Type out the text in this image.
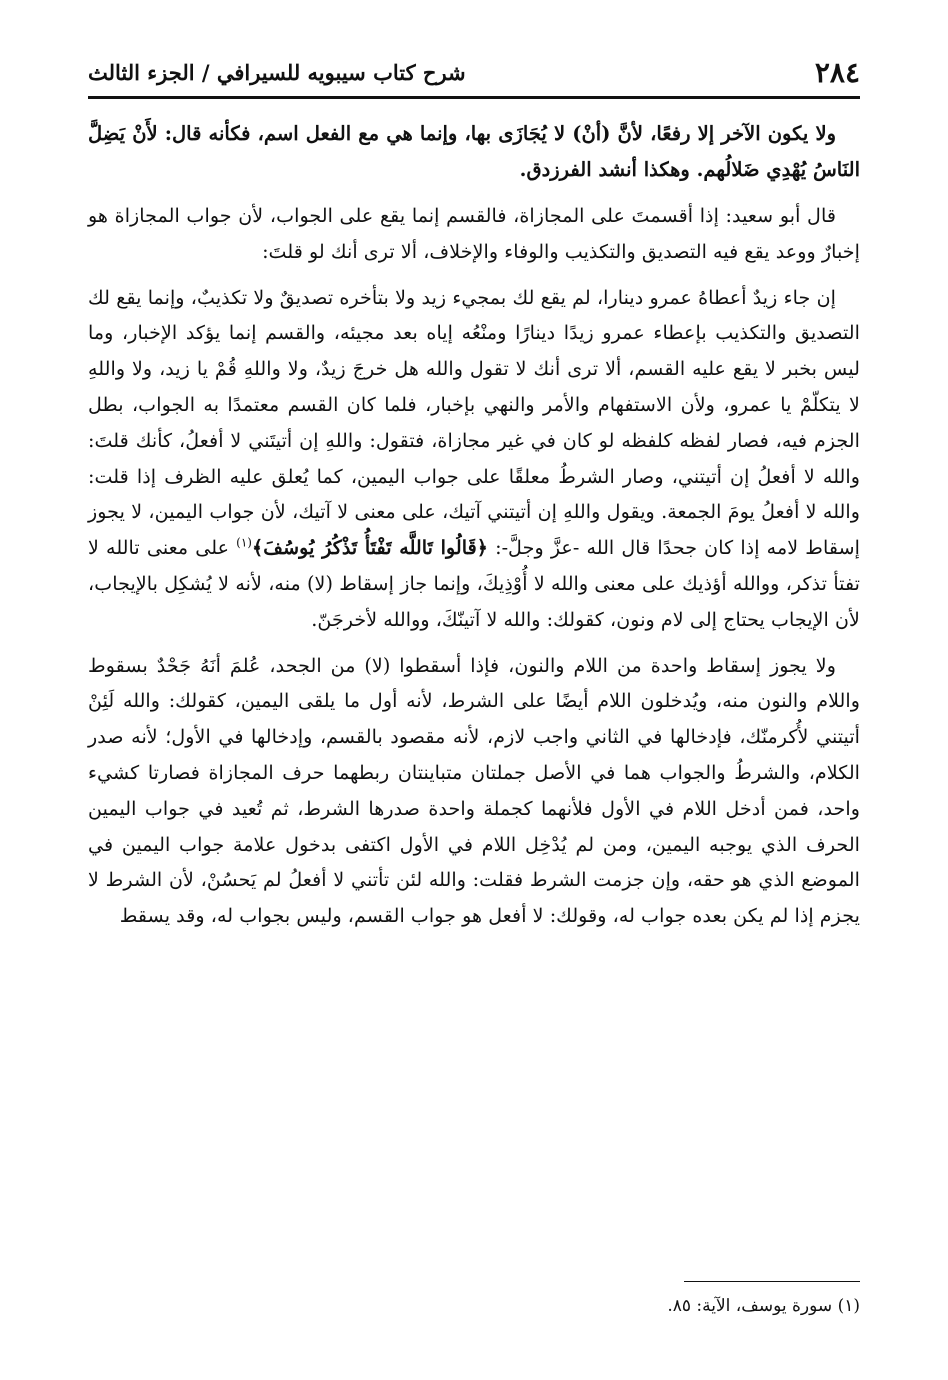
٢٨٤
شرح كتاب سيبويه للسيرافي / الجزء الثالث

ولا يكون الآخر إلا رفعًا، لأنَّ (أنْ) لا يُجَازَى بها، وإنما هي مع الفعل اسم، فكأنه قال: لأَنْ يَضِلَّ النَاسُ يُهْدِي ضَلالُهم. وهكذا أنشد الفرزدق.

قال أبو سعيد: إذا أقسمتَ على المجازاة، فالقسم إنما يقع على الجواب، لأن جواب المجازاة هو إخبارٌ ووعد يقع فيه التصديق والتكذيب والوفاء والإخلاف، ألا ترى أنك لو قلتَ:

إن جاء زيدٌ أعطاهُ عمرو دينارا، لم يقع لك بمجيء زيد ولا بتأخره تصديقٌ ولا تكذيبٌ، وإنما يقع لك التصديق والتكذيب بإعطاء عمرو زيدًا دينارًا ومنْعُه إياه بعد مجيئه، والقسم إنما يؤكد الإخبار، وما ليس بخبر لا يقع عليه القسم، ألا ترى أنك لا تقول والله هل خرجَ زيدٌ، ولا واللهِ قُمْ يا زيد، ولا واللهِ لا يتكلّمْ يا عمرو، ولأن الاستفهام والأمر والنهي بإخبار، فلما كان القسم معتمدًا به الجواب، بطل الجزم فيه، فصار لفظه كلفظه لو كان في غير مجازاة، فتقول: واللهِ إن أتيتَني لا أفعلُ، كأنك قلتَ: والله لا أفعلُ إن أتيتني، وصار الشرطُ معلقًا على جواب اليمين، كما يُعلق عليه الظرف إذا قلت: والله لا أفعلُ يومَ الجمعة. ويقول واللهِ إن أتيتني آتيك، على معنى لا آتيك، لأن جواب اليمين، لا يجوز إسقاط لامه إذا كان جحدًا قال الله -عزَّ وجلَّ-: ﴿قَالُوا تَاللَّه تَفْتَأُ تَذْكُرُ يُوسُفَ﴾$^{(١)}$ على معنى تالله لا تفتأ تذكر، ووالله أؤذيك على معنى والله لا أُوْذِيكَ، وإنما جاز إسقاط (لا) منه، لأنه لا يُشكِل بالإيجاب، لأن الإيجاب يحتاج إلى لام ونون، كقولك: والله لا آتينّكَ، ووالله لأخرجَنّ.

ولا يجوز إسقاط واحدة من اللام والنون، فإذا أسقطوا (لا) من الجحد، عُلمَ أنَهُ جَحْدٌ بسقوط واللام والنون منه، ويُدخلون اللام أيضًا على الشرط، لأنه أول ما يلقى اليمين، كقولك: والله لَئِنْ أتيتني لأُكرمنّك، فإدخالها في الثاني واجب لازم، لأنه مقصود بالقسم، وإدخالها في الأول؛ لأنه صدر الكلام، والشرطُ والجواب هما في الأصل جملتان متباينتان ربطهما حرف المجازاة فصارتا كشيء واحد، فمن أدخل اللام في الأول فلأنهما كجملة واحدة صدرها الشرط، ثم تُعيد في جواب اليمين الحرف الذي يوجبه اليمين، ومن لم يُدْخِل اللام في الأول اكتفى بدخول علامة جواب اليمين في الموضع الذي هو حقه، وإن جزمت الشرط فقلت: والله لئن تأتني لا أفعلُ لم يَحسُنْ، لأن الشرط لا يجزم إذا لم يكن بعده جواب له، وقولك: لا أفعل هو جواب القسم، وليس بجواب له، وقد يسقط

(١) سورة يوسف، الآية: ٨٥.
